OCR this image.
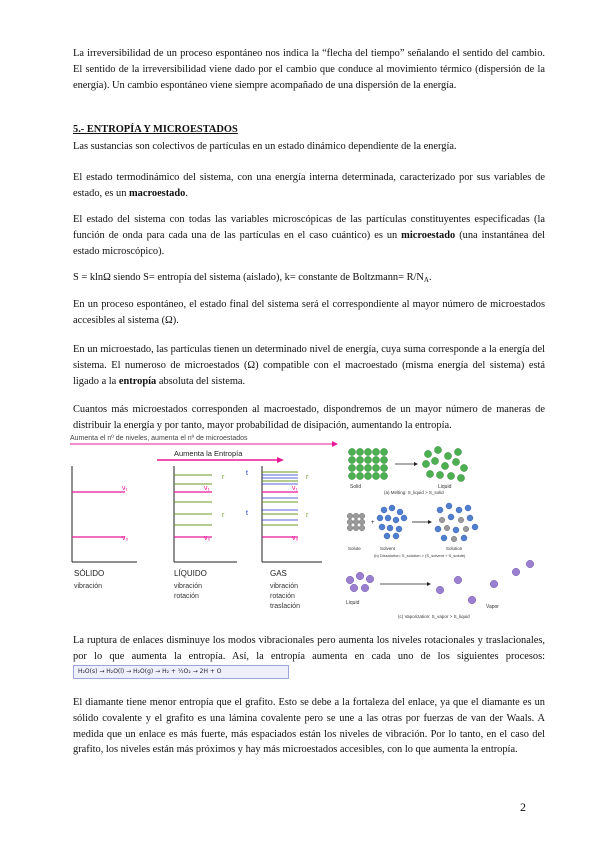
La irreversibilidad de un proceso espontáneo nos indica la “flecha del tiempo” señalando el sentido del cambio. El sentido de la irreversibilidad viene dado por el cambio que conduce al movimiento térmico (dispersión de la energía). Un cambio espontáneo viene siempre acompañado de una dispersión de la energía.

5.- ENTROPÍA Y MICROESTADOS

Las sustancias son colectivos de partículas en un estado dinámico dependiente de la energía.

El estado termodinámico del sistema, con una energía interna determinada, caracterizado por sus variables de estado, es un macroestado.

El estado del sistema con todas las variables microscópicas de las partículas constituyentes especificadas (la función de onda para cada una de las partículas en el caso cuántico) es un microestado (una instantánea del estado microscópico).

S = klnΩ siendo S= entropía del sistema (aislado), k= constante de Boltzmann= $R/N_A$.

En un proceso espontáneo, el estado final del sistema será el correspondiente al mayor número de microestados accesibles al sistema (Ω).

En un microestado, las partículas tienen un determinado nivel de energía, cuya suma corresponde a la energía del sistema. El numeroso de microestados (Ω) compatible con el macroestado (misma energía del sistema) está ligado a la entropía absoluta del sistema.

Cuantos más microestados corresponden al macroestado, dispondremos de un mayor número de maneras de distribuir la energía y por tanto, mayor probabilidad de disipación, aumentando la entropía.

Aumenta el nº de niveles, aumenta el nº de microestados
Aumenta la Entropía
ν₁
ν₀
r
r
ν₁
ν₀
t
t
r
r
ν₁
ν₀
SÓLIDO
vibración
LÍQUIDO
vibración
rotación
GAS
vibración
rotación
traslación
Solid	Liquid
(a) Melting: S_liquid > S_solid
+
Solute	Solvent	Solution
(b) Dissolution: S_solution > (S_solvent + S_solute)
Liquid
Vapor
(c) Vaporization: S_vapor > S_liquid

La ruptura de enlaces disminuye los modos vibracionales pero aumenta los niveles rotacionales y traslacionales, por lo que aumenta la entropía. Así, la entropía aumenta en cada uno de los siguientes procesos: H₂O(s) → H₂O(l) → H₂O(g) → H₂ + ½O₂ → 2H + O

El diamante tiene menor entropía que el grafito. Esto se debe a la fortaleza del enlace, ya que el diamante es un sólido covalente y el grafito es una lámina covalente pero se une a las otras por fuerzas de van der Waals. A medida que un enlace es más fuerte, más espaciados están los niveles de vibración. Por lo tanto, en el caso del grafito, los niveles están más próximos y hay más microestados accesibles, con lo que aumenta la entropía.

2
